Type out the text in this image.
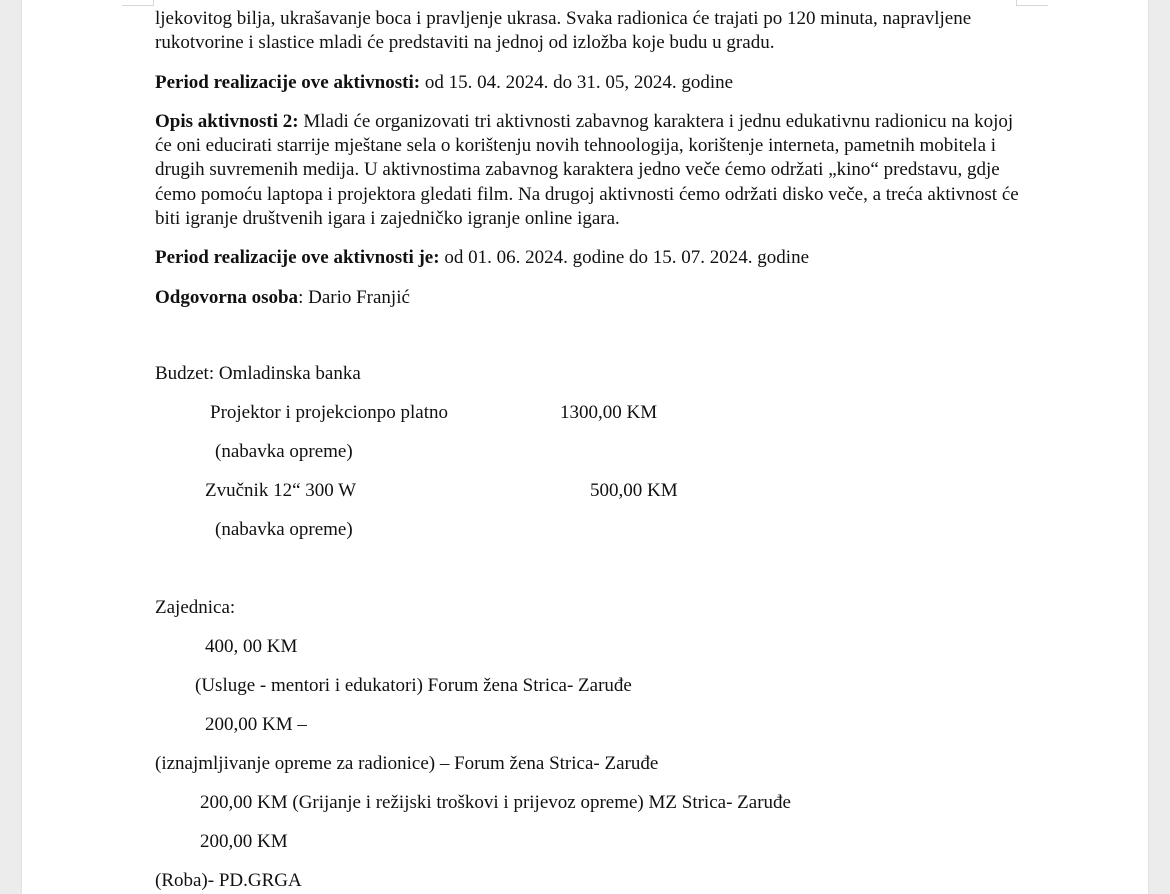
ljekovitog bilja, ukrašavanje boca i pravljenje ukrasa. Svaka radionica će trajati po 120 minuta, napravljene rukotvorine i slastice mladi će predstaviti na jednoj od izložba koje budu u gradu.

Period realizacije ove aktivnosti: od 15. 04. 2024. do 31. 05, 2024. godine

Opis aktivnosti 2: Mladi će organizovati tri aktivnosti zabavnog karaktera i jednu edukativnu radionicu na kojoj će oni educirati starrije mještane sela o korištenju novih tehnoologija, korištenje interneta, pametnih mobitela i drugih suvremenih medija. U aktivnostima zabavnog karaktera jedno veče ćemo održati „kino“ predstavu, gdje ćemo pomoću laptopa i projektora gledati film. Na drugoj aktivnosti ćemo održati disko veče, a treća aktivnost će biti igranje društvenih igara i zajedničko igranje online igara.

Period realizacije ove aktivnosti je: od 01. 06. 2024. godine do 15. 07. 2024. godine

Odgovorna osoba: Dario Franjić

Budzet: Omladinska banka
Projektor i projekcionpo platno	1300,00 KM
(nabavka opreme)
Zvučnik 12“ 300 W	500,00 KM
(nabavka opreme)
Zajednica:
400, 00 KM
(Usluge - mentori i edukatori) Forum žena Strica- Zaruđe
200,00 KM –
(iznajmljivanje opreme za radionice) – Forum žena Strica- Zaruđe
200,00 KM (Grijanje i režijski troškovi i prijevoz opreme) MZ Strica- Zaruđe
200,00 KM
(Roba)- PD.GRGA
